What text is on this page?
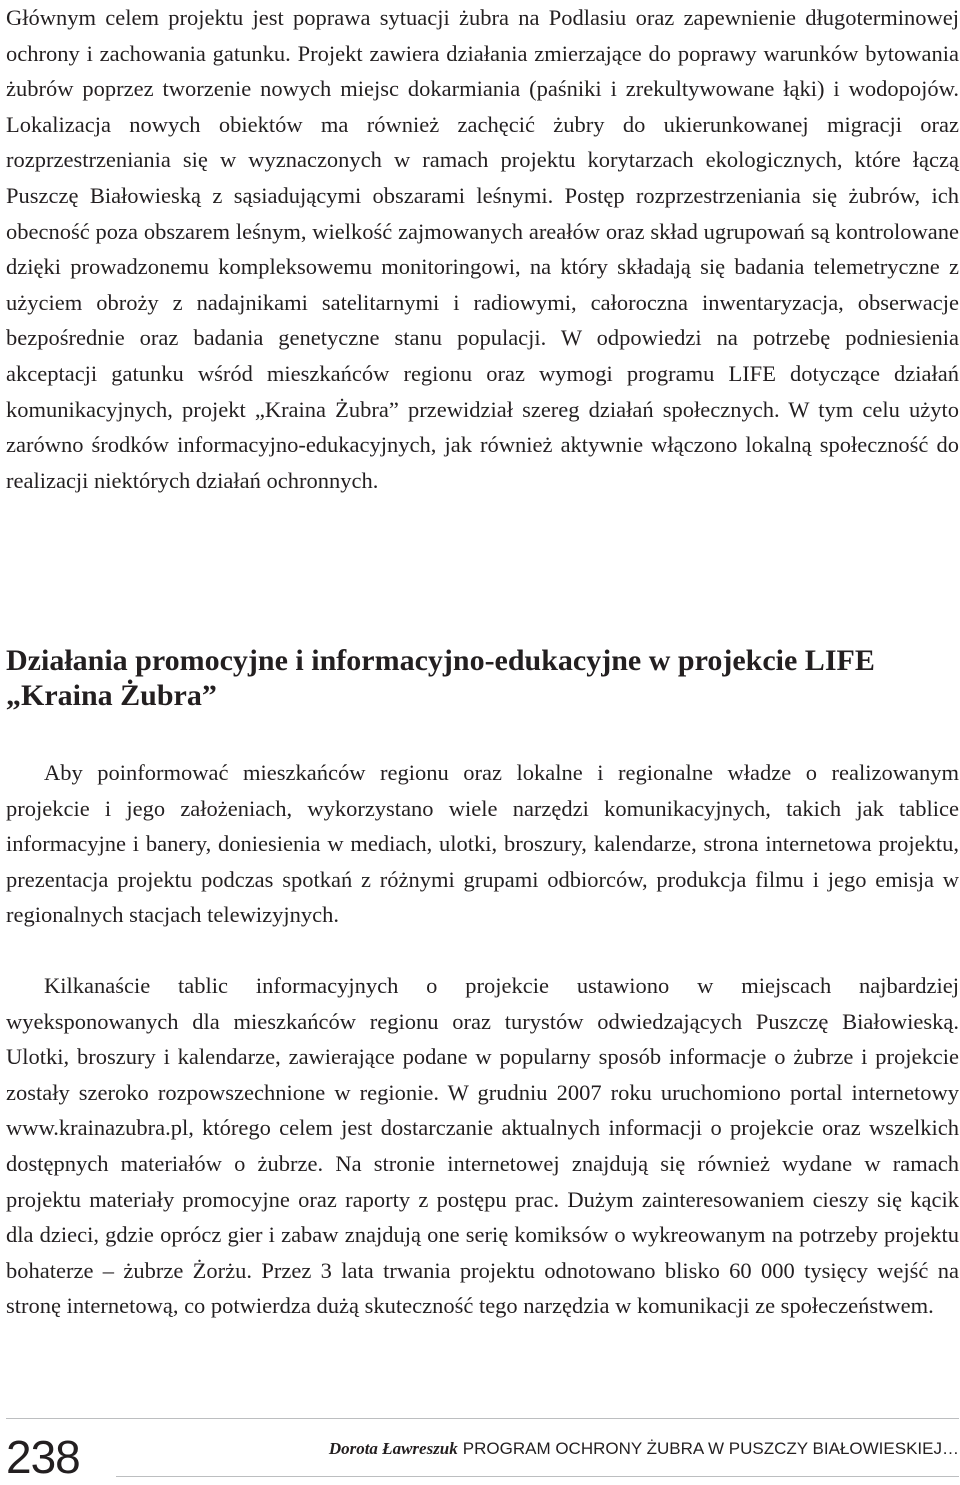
Głównym celem projektu jest poprawa sytuacji żubra na Podlasiu oraz zapewnienie długoterminowej ochrony i zachowania gatunku. Projekt zawiera działania zmierzające do poprawy warunków bytowania żubrów poprzez tworzenie nowych miejsc dokarmiania (paśniki i zrekultywowane łąki) i wodopojów. Lokalizacja nowych obiektów ma również zachęcić żubry do ukierunkowanej migracji oraz rozprzestrzeniania się w wyznaczonych w ramach projektu korytarzach ekologicznych, które łączą Puszczę Białowieską z sąsiadującymi obszarami leśnymi. Postęp rozprzestrzeniania się żubrów, ich obecność poza obszarem leśnym, wielkość zajmowanych areałów oraz skład ugrupowań są kontrolowane dzięki prowadzonemu kompleksowemu monitoringowi, na który składają się badania telemetryczne z użyciem obroży z nadajnikami satelitarnymi i radiowymi, całoroczna inwentaryzacja, obserwacje bezpośrednie oraz badania genetyczne stanu populacji. W odpowiedzi na potrzebę podniesienia akceptacji gatunku wśród mieszkańców regionu oraz wymogi programu LIFE dotyczące działań komunikacyjnych, projekt „Kraina Żubra” przewidział szereg działań społecznych. W tym celu użyto zarówno środków informacyjno-edukacyjnych, jak również aktywnie włączono lokalną społeczność do realizacji niektórych działań ochronnych.

Działania promocyjne i informacyjno-edukacyjne w projekcie LIFE „Kraina Żubra”

Aby poinformować mieszkańców regionu oraz lokalne i regionalne władze o realizowanym projekcie i jego założeniach, wykorzystano wiele narzędzi komunikacyjnych, takich jak tablice informacyjne i banery, doniesienia w mediach, ulotki, broszury, kalendarze, strona internetowa projektu, prezentacja projektu podczas spotkań z różnymi grupami odbiorców, produkcja filmu i jego emisja w regionalnych stacjach telewizyjnych.

Kilkanaście tablic informacyjnych o projekcie ustawiono w miejscach najbardziej wyeksponowanych dla mieszkańców regionu oraz turystów odwiedzających Puszczę Białowieską. Ulotki, broszury i kalendarze, zawierające podane w popularny sposób informacje o żubrze i projekcie zostały szeroko rozpowszechnione w regionie. W grudniu 2007 roku uruchomiono portal internetowy www.krainazubra.pl, którego celem jest dostarczanie aktualnych informacji o projekcie oraz wszelkich dostępnych materiałów o żubrze. Na stronie internetowej znajdują się również wydane w ramach projektu materiały promocyjne oraz raporty z postępu prac. Dużym zainteresowaniem cieszy się kącik dla dzieci, gdzie oprócz gier i zabaw znajdują one serię komiksów o wykreowanym na potrzeby projektu bohaterze – żubrze Żorżu. Przez 3 lata trwania projektu odnotowano blisko 60 000 tysięcy wejść na stronę internetową, co potwierdza dużą skuteczność tego narzędzia w komunikacji ze społeczeństwem.

238	Dorota Ławreszuk PROGRAM OCHRONY ŻUBRA W PUSZCZY BIAŁOWIESKIEJ…
